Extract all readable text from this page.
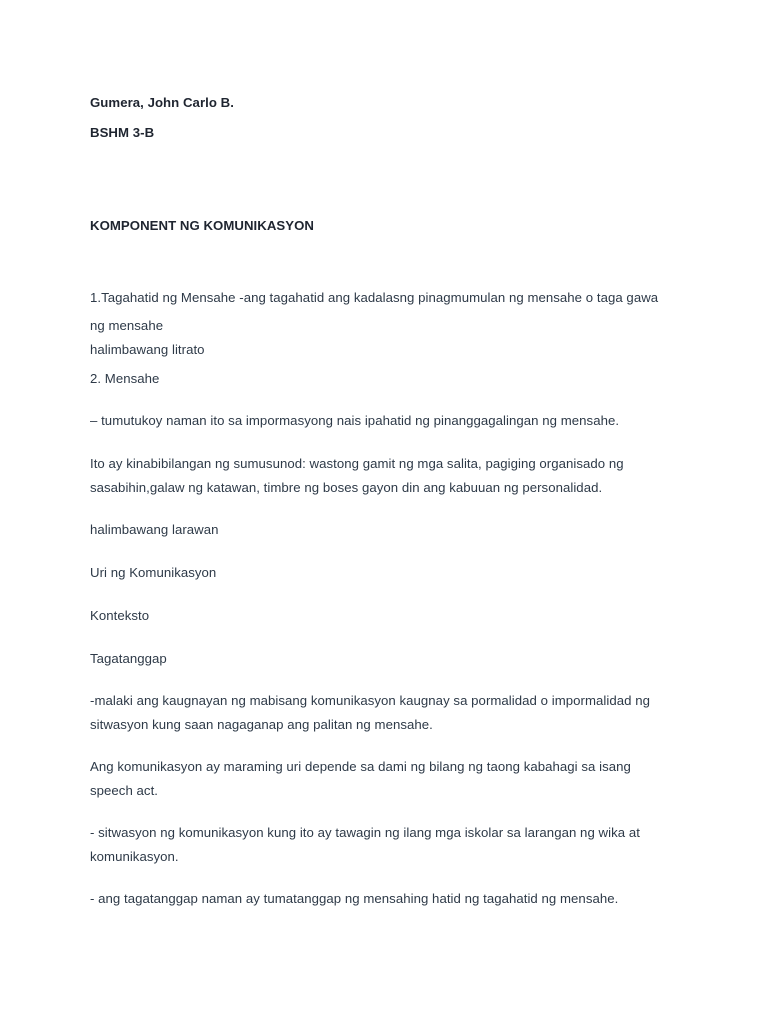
Gumera, John Carlo B.
BSHM 3-B
KOMPONENT NG KOMUNIKASYON
1.Tagahatid ng Mensahe -ang tagahatid ang kadalasng pinagmumulan ng mensahe o taga gawa
ng mensahe
halimbawang litrato
2. Mensahe
– tumutukoy naman ito sa impormasyong nais ipahatid ng pinanggagalingan ng mensahe.
Ito ay kinabibilangan ng sumusunod: wastong gamit ng mga salita, pagiging organisado ng
sasabihin,galaw ng katawan, timbre ng boses gayon din ang kabuuan ng personalidad.
halimbawang larawan
Uri ng Komunikasyon
Konteksto
Tagatanggap
-malaki ang kaugnayan ng mabisang komunikasyon kaugnay sa pormalidad o impormalidad ng
sitwasyon kung saan nagaganap ang palitan ng mensahe.
Ang komunikasyon ay maraming uri depende sa dami ng bilang ng taong kabahagi sa isang
speech act.
- sitwasyon ng komunikasyon kung ito ay tawagin ng ilang mga iskolar sa larangan ng wika at
komunikasyon.
- ang tagatanggap naman ay tumatanggap ng mensahing hatid ng tagahatid ng mensahe.
